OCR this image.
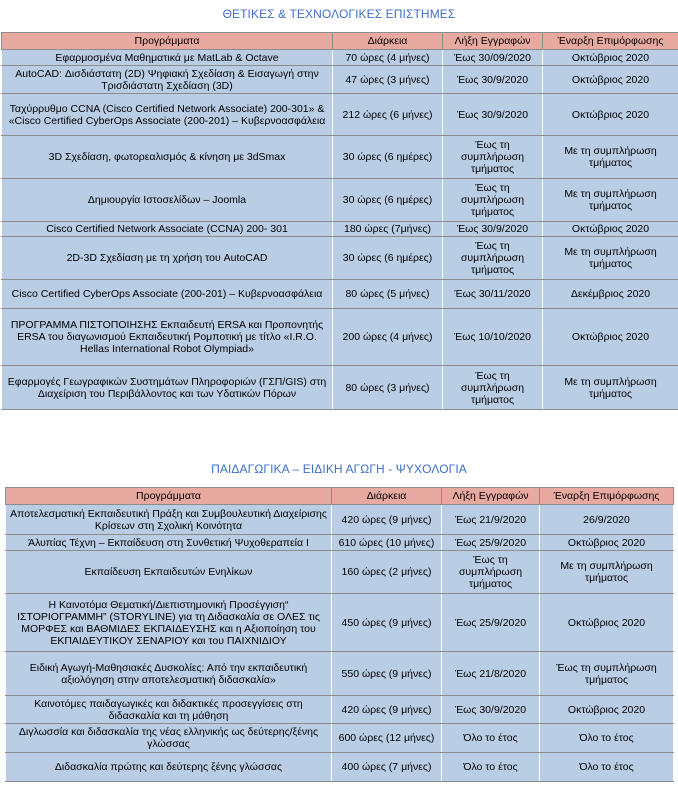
ΘΕΤΙΚΕΣ & ΤΕΧΝΟΛΟΓΙΚΕΣ ΕΠΙΣΤΗΜΕΣ
Προγράμματα	Διάρκεια	Λήξη Εγγραφών	Έναρξη Επιμόρφωσης
Εφαρμοσμένα Μαθηματικά με MatLab & Octave	70 ώρες (4 μήνες)	Έως 30/09/2020	Οκτώβριος 2020
AutoCAD: Δισδιάστατη (2D) Ψηφιακή Σχεδίαση & Εισαγωγή στην Τρισδιάστατη Σχεδίαση (3D)	47 ώρες (3 μήνες)	Έως 30/9/2020	Οκτώβριος 2020
Ταχύρρυθμο CCNA (Cisco Certified Network Associate) 200-301» & «Cisco Certified CyberOps Associate (200-201) – Κυβερνοασφάλεια	212 ώρες (6 μήνες)	Έως 30/9/2020	Οκτώβριος 2020
3D Σχεδίαση, φωτορεαλισμός & κίνηση με 3dSmax	30 ώρες (6 ημέρες)	Έως τη συμπλήρωση τμήματος	Με τη συμπλήρωση τμήματος
Δημιουργία Ιστοσελίδων – Joomla	30 ώρες (6 ημέρες)	Έως τη συμπλήρωση τμήματος	Με τη συμπλήρωση τμήματος
Cisco Certified Network Associate (CCNA) 200- 301	180 ώρες (7μήνες)	Έως 30/9/2020	Οκτώβριος 2020
2D-3D Σχεδίαση με τη χρήση του AutoCAD	30 ώρες (6 ημέρες)	Έως τη συμπλήρωση τμήματος	Με τη συμπλήρωση τμήματος
Cisco Certified CyberOps Associate (200-201) – Κυβερνοασφάλεια	80 ώρες (5 μήνες)	Έως 30/11/2020	Δεκέμβριος 2020
ΠΡΟΓΡΑΜΜΑ ΠΙΣΤΟΠΟΙΗΣΗΣ Εκπαιδευτή ERSA και Προπονητής ERSA του διαγωνισμού Εκπαιδευτική Ρομποτική με τίτλο «I.R.O. Hellas International Robot Olympiad»	200 ώρες (4 μήνες)	Έως 10/10/2020	Οκτώβριος 2020
Εφαρμογές Γεωγραφικών Συστημάτων Πληροφοριών (ΓΣΠ/GIS) στη Διαχείριση του Περιβάλλοντος και των Υδατικών Πόρων	80 ώρες (3 μήνες)	Έως τη συμπλήρωση τμήματος	Με τη συμπλήρωση τμήματος
ΠΑΙΔΑΓΩΓΙΚΑ – ΕΙΔΙΚΗ ΑΓΩΓΗ - ΨΥΧΟΛΟΓΙΑ
Προγράμματα	Διάρκεια	Λήξη Εγγραφών	Έναρξη Επιμόρφωσης
Αποτελεσματική Εκπαιδευτική Πράξη και Συμβουλευτική Διαχείρισης Κρίσεων στη Σχολική Κοινότητα	420 ώρες (9 μήνες)	Έως 21/9/2020	26/9/2020
Άλυπίας Τέχνη – Εκπαίδευση στη Συνθετική Ψυχοθεραπεία Ι	610 ώρες (10 μήνες)	Έως 25/9/2020	Οκτώβριος 2020
Εκπαίδευση Εκπαιδευτών Ενηλίκων	160 ώρες (2 μήνες)	Έως τη συμπλήρωση τμήματος	Με τη συμπλήρωση τμήματος
Η Καινοτόμα Θεματική/Διεπιστημονική Προσέγγιση“ ΙΣΤΟΡΙΟΓΡΑΜΜΗ” (STORYLINE) για τη Διδασκαλία σε ΟΛΕΣ τις ΜΟΡΦΕΣ και ΒΑΘΜΙΔΕΣ ΕΚΠΑΙΔΕΥΣΗΣ και η Αξιοποίηση του ΕΚΠΑΙΔΕΥΤΙΚΟΥ ΣΕΝΑΡΙΟΥ και του ΠΑΙΧΝΙΔΙΟΥ	450 ώρες (9 μήνες)	Έως 25/9/2020	Οκτώβριος 2020
Ειδική Αγωγή-Μαθησιακές Δυσκολίες: Από την εκπαιδευτική αξιολόγηση στην αποτελεσματική διδασκαλία»	550 ώρες (9 μήνες)	Έως 21/8/2020	Έως τη συμπλήρωση τμήματος
Καινοτόμες παιδαγωγικές και διδακτικές προσεγγίσεις στη διδασκαλία και τη μάθηση	420 ώρες (9 μήνες)	Έως 30/9/2020	Οκτώβριος 2020
Διγλωσσία και διδασκαλία της νέας ελληνικής ως δεύτερης/ξένης γλώσσας	600 ώρες (12 μήνες)	Όλο το έτος	Όλο το έτος
Διδασκαλία πρώτης και δεύτερης ξένης γλώσσας	400 ώρες (7 μήνες)	Όλο το έτος	Όλο το έτος
